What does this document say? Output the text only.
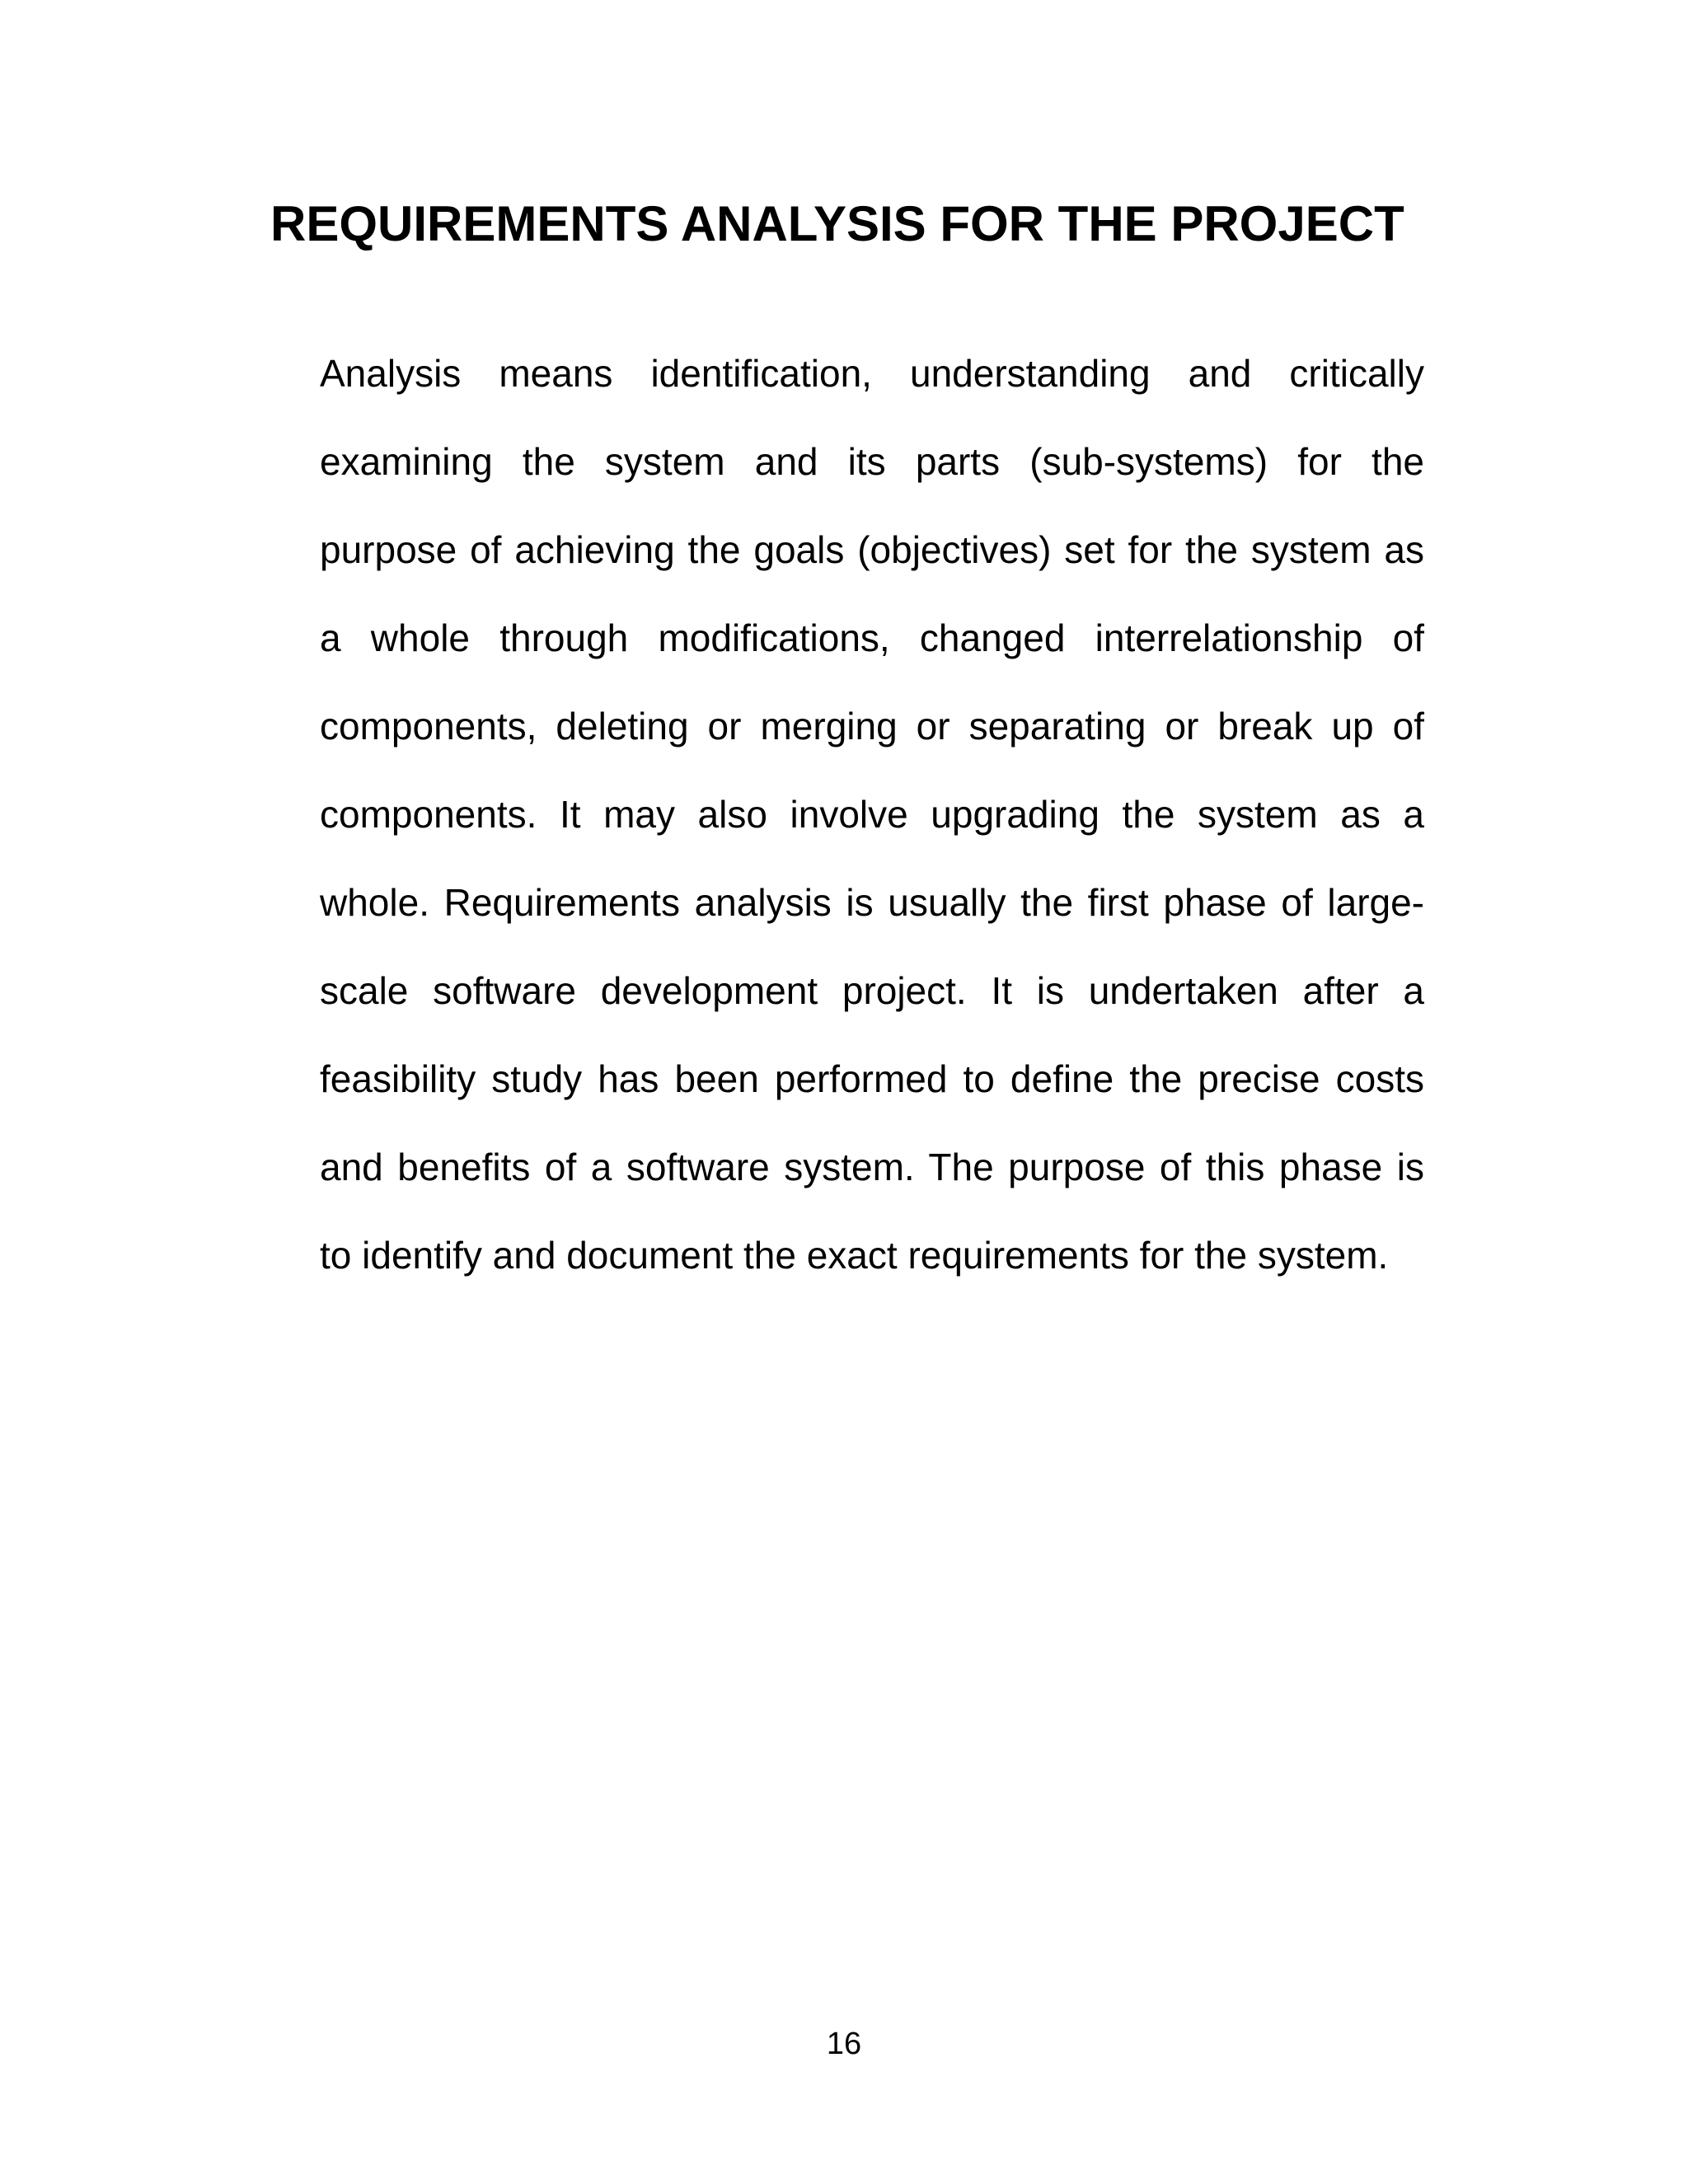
REQUIREMENTS ANALYSIS FOR THE PROJECT
Analysis means identification, understanding and critically
examining the system and its parts (sub-systems) for the
purpose of achieving the goals (objectives) set for the system as
a whole through modifications, changed interrelationship of
components, deleting or merging or separating or break up of
components. It may also involve upgrading the system as a
whole. Requirements analysis is usually the first phase of large-
scale software development project. It is undertaken after a
feasibility study has been performed to define the precise costs
and benefits of a software system. The purpose of this phase is
to identify and document the exact requirements for the system.

16
